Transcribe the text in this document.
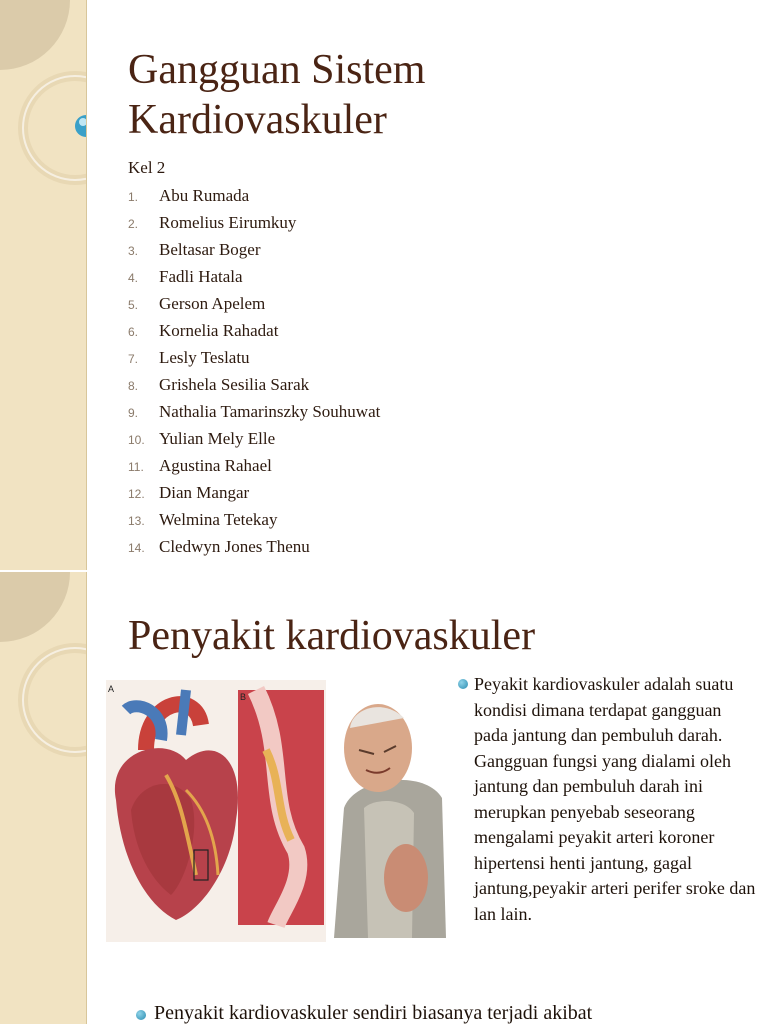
Gangguan Sistem Kardiovaskuler
Kel 2
1. Abu Rumada
2. Romelius Eirumkuy
3. Beltasar Boger
4. Fadli Hatala
5. Gerson Apelem
6. Kornelia Rahadat
7. Lesly Teslatu
8. Grishela Sesilia Sarak
9. Nathalia Tamarinszky Souhuwat
10. Yulian Mely Elle
11. Agustina Rahael
12. Dian Mangar
13. Welmina Tetekay
14. Cledwyn Jones Thenu
Penyakit kardiovaskuler
A
B
Peyakit kardiovaskuler adalah suatu kondisi dimana terdapat gangguan pada jantung dan pembuluh darah. Gangguan fungsi yang dialami oleh jantung dan pembuluh darah ini merupkan penyebab seseorang mengalami peyakit arteri koroner hipertensi henti jantung, gagal jantung,peyakir arteri perifer sroke dan lan lain.
Penyakit kardiovaskuler sendiri biasanya terjadi akibat
